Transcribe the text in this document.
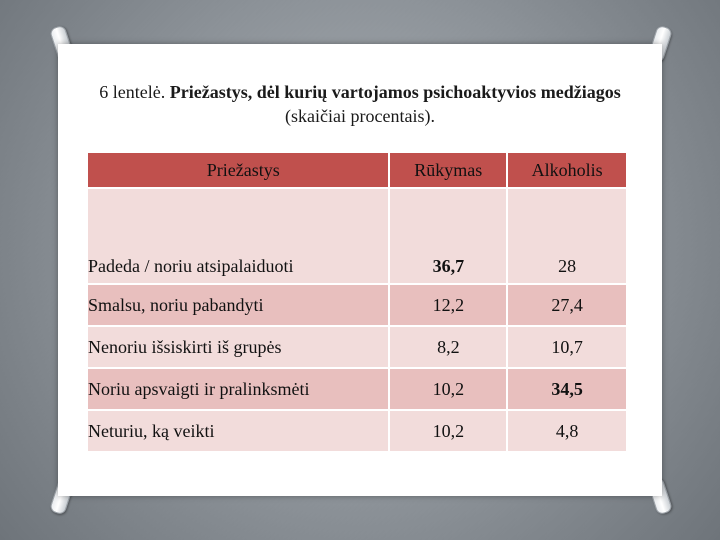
6 lentelė. Priežastys, dėl kurių vartojamos psichoaktyvios medžiagos (skaičiai procentais).
Priežastys	Rūkymas	Alkoholis
Padeda / noriu atsipalaiduoti	36,7	28
Smalsu, noriu pabandyti	12,2	27,4
Nenoriu išsiskirti iš grupės	8,2	10,7
Noriu apsvaigti ir pralinksmėti	10,2	34,5
Neturiu, ką veikti	10,2	4,8
